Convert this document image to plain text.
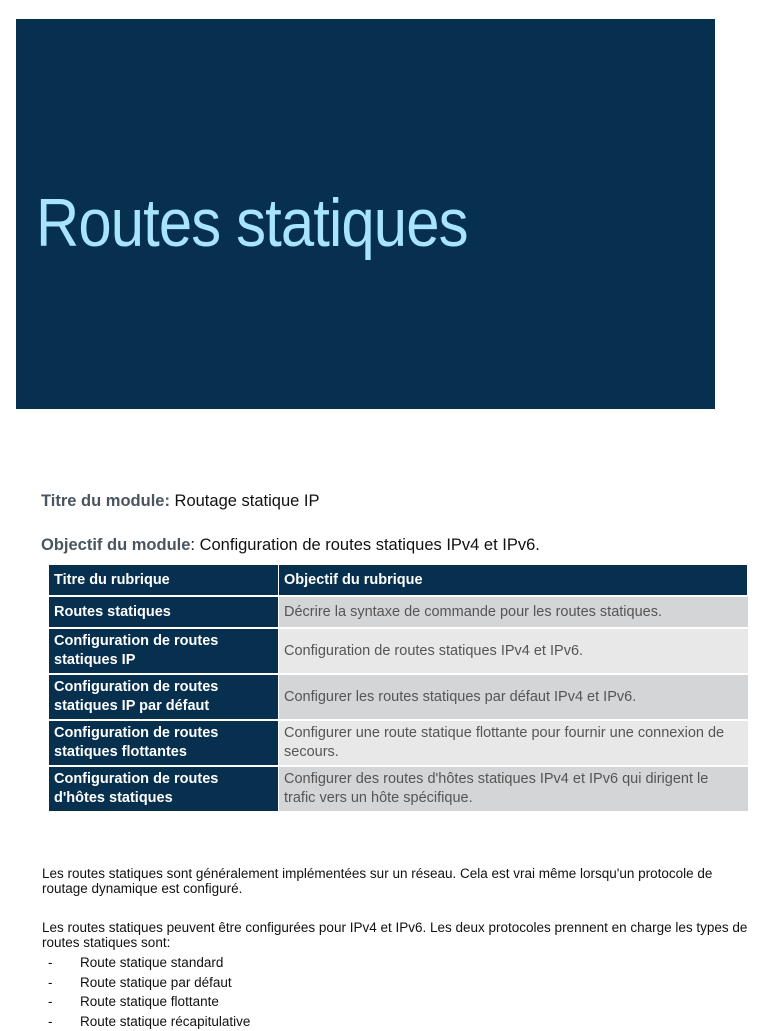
Routes statiques
Titre du module: Routage statique IP
Objectif du module: Configuration de routes statiques IPv4 et IPv6.
Titre du rubrique	Objectif du rubrique
Routes statiques	Décrire la syntaxe de commande pour les routes statiques.
Configuration de routes statiques IP	Configuration de routes statiques IPv4 et IPv6.
Configuration de routes statiques IP par défaut	Configurer les routes statiques par défaut IPv4 et IPv6.
Configuration de routes statiques flottantes	Configurer une route statique flottante pour fournir une connexion de secours.
Configuration de routes d'hôtes statiques	Configurer des routes d'hôtes statiques IPv4 et IPv6 qui dirigent le trafic vers un hôte spécifique.
Les routes statiques sont généralement implémentées sur un réseau. Cela est vrai même lorsqu'un protocole de routage dynamique est configuré.
Les routes statiques peuvent être configurées pour IPv4 et IPv6. Les deux protocoles prennent en charge les types de routes statiques sont:
- Route statique standard
- Route statique par défaut
- Route statique flottante
- Route statique récapitulative
